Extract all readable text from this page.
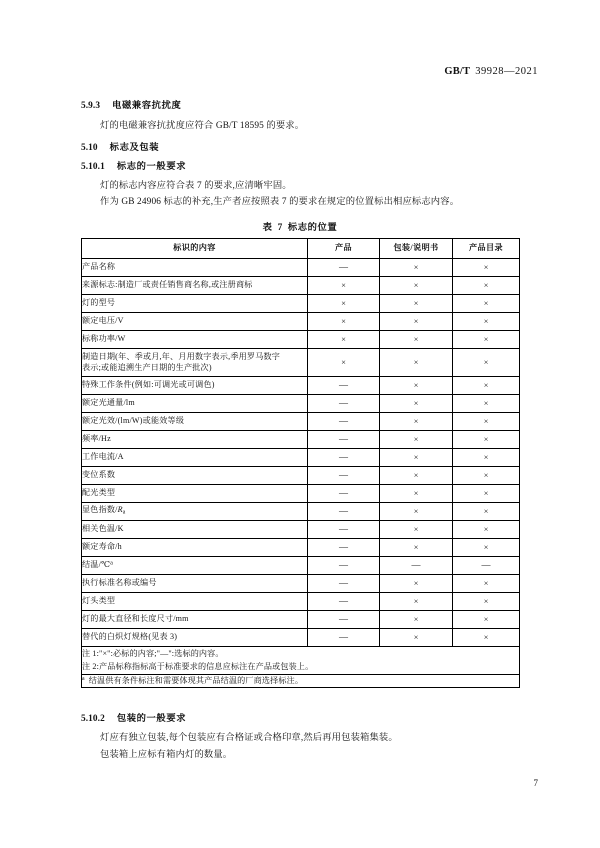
GB/T 39928—2021
5.9.3 电磁兼容抗扰度

灯的电磁兼容抗扰度应符合 GB/T 18595 的要求。

5.10 标志及包装
5.10.1 标志的一般要求

灯的标志内容应符合表 7 的要求,应清晰牢固。

作为 GB 24906 标志的补充,生产者应按照表 7 的要求在规定的位置标出相应标志内容。

表 7 标志的位置
标识的内容	产品	包装/说明书	产品目录
产品名称	—	×	×
来源标志:制造厂或责任销售商名称,或注册商标	×	×	×
灯的型号	×	×	×
额定电压/V	×	×	×
标称功率/W	×	×	×
制造日期(年、季或月,年、月用数字表示,季用罗马数字
表示;或能追溯生产日期的生产批次)	×	×	×
特殊工作条件(例如:可调光或可调色)	—	×	×
额定光通量/lm	—	×	×
额定光效/(lm/W)或能效等级	—	×	×
频率/Hz	—	×	×
工作电流/A	—	×	×
变位系数	—	×	×
配光类型	—	×	×
显色指数$/R_a$	—	×	×
相关色温/K	—	×	×
额定寿命/h	—	×	×
结温/℃$^a$	—	—	—
执行标准名称或编号	—	×	×
灯头类型	—	×	×
灯的最大直径和长度尺寸/mm	—	×	×
替代的白炽灯规格(见表 3)	—	×	×

注 1:"×":必标的内容;"—":选标的内容。
注 2:产品标称指标高于标准要求的信息应标注在产品或包装上。			

$^a$ 结温供有条件标注和需要体现其产品结温的厂商选择标注。			
5.10.2 包装的一般要求

灯应有独立包装,每个包装应有合格证或合格印章,然后再用包装箱集装。

包装箱上应标有箱内灯的数量。

7
